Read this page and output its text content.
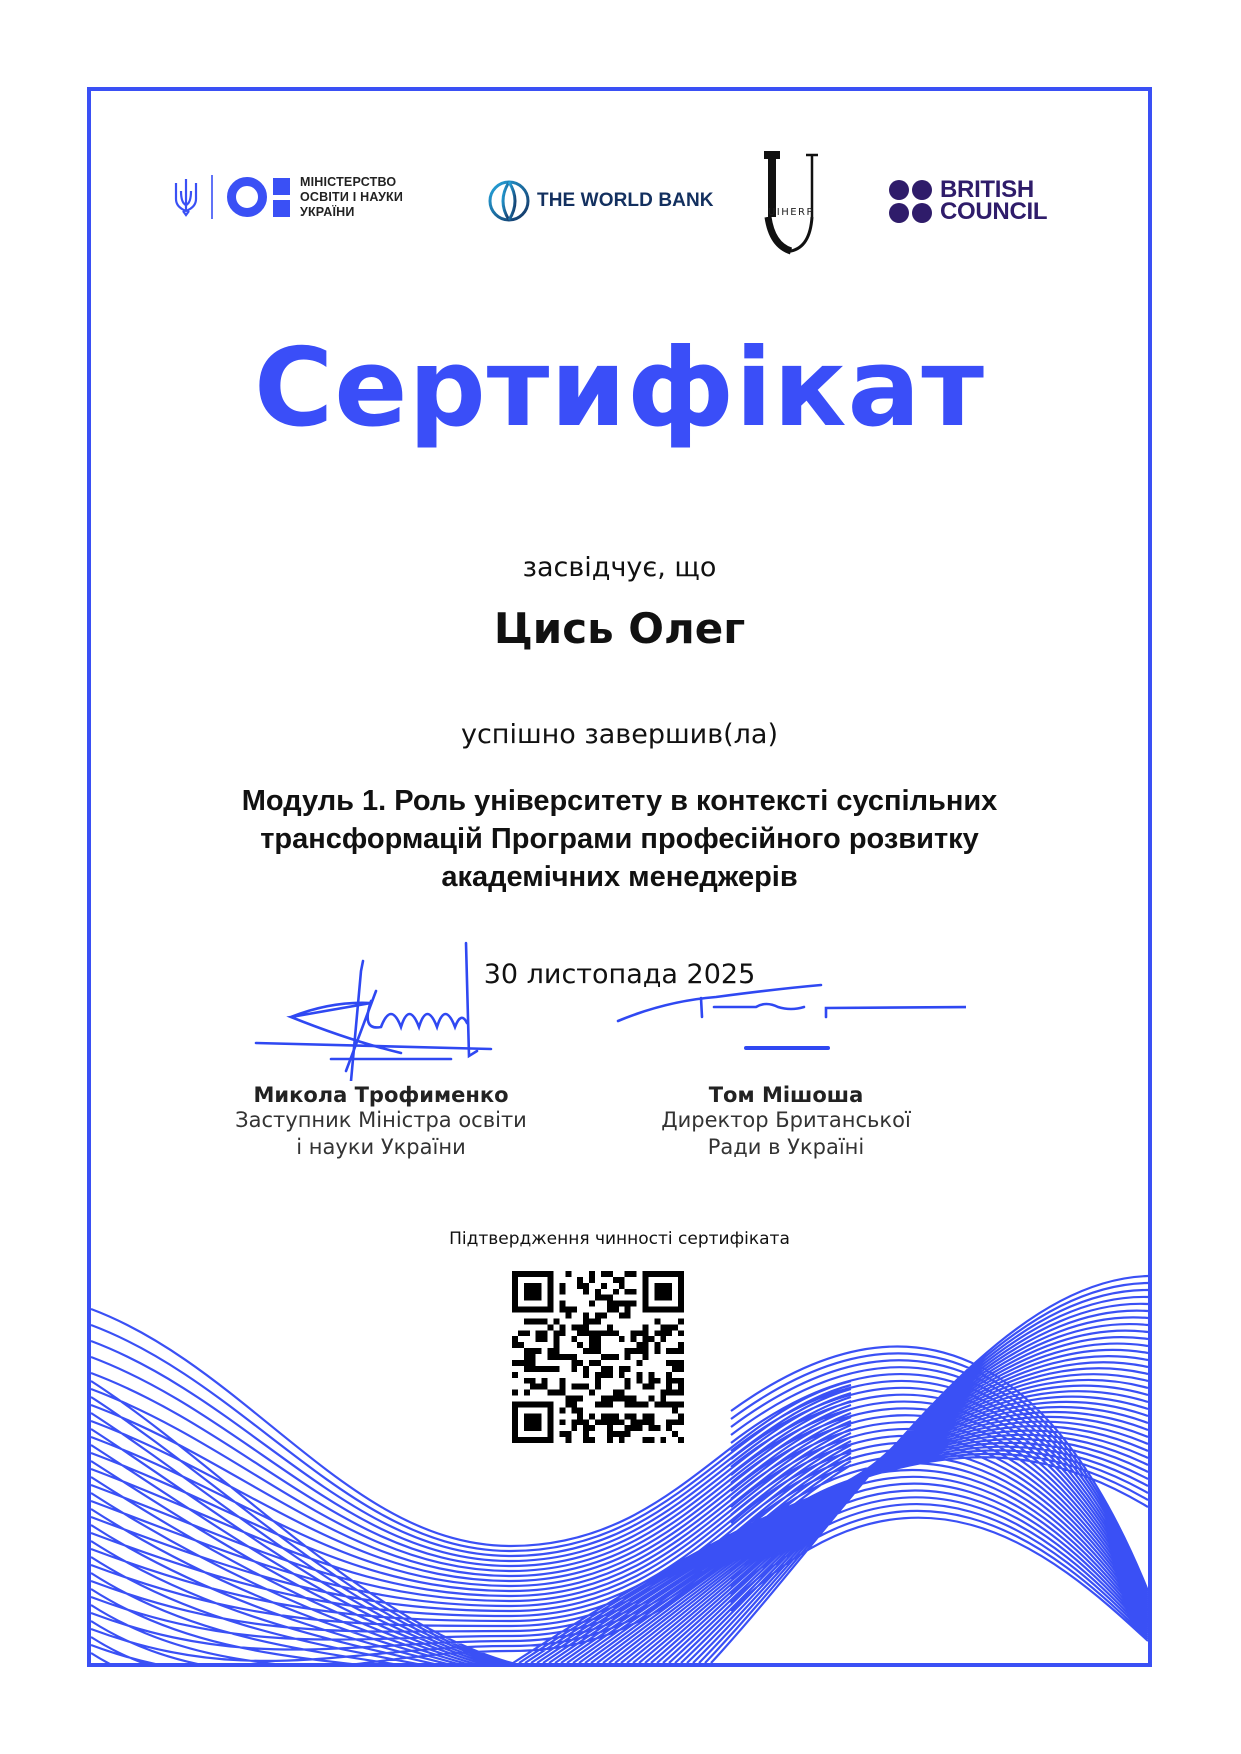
МІНІСТЕРСТВО
ОСВІТИ І НАУКИ
УКРАЇНИ
THE WORLD BANK
UIHERP
BRITISH
COUNCIL
Сертифікат
засвідчує, що
Цись Олег
успішно завершив(ла)
Модуль 1. Роль університету в контексті суспільних трансформацій Програми професійного розвитку академічних менеджерів
30 листопада 2025
Микола Трофименко
Заступник Міністра освіти
і науки України
Том Мішоша
Директор Британської
Ради в Україні
Підтвердження чинності сертифіката
